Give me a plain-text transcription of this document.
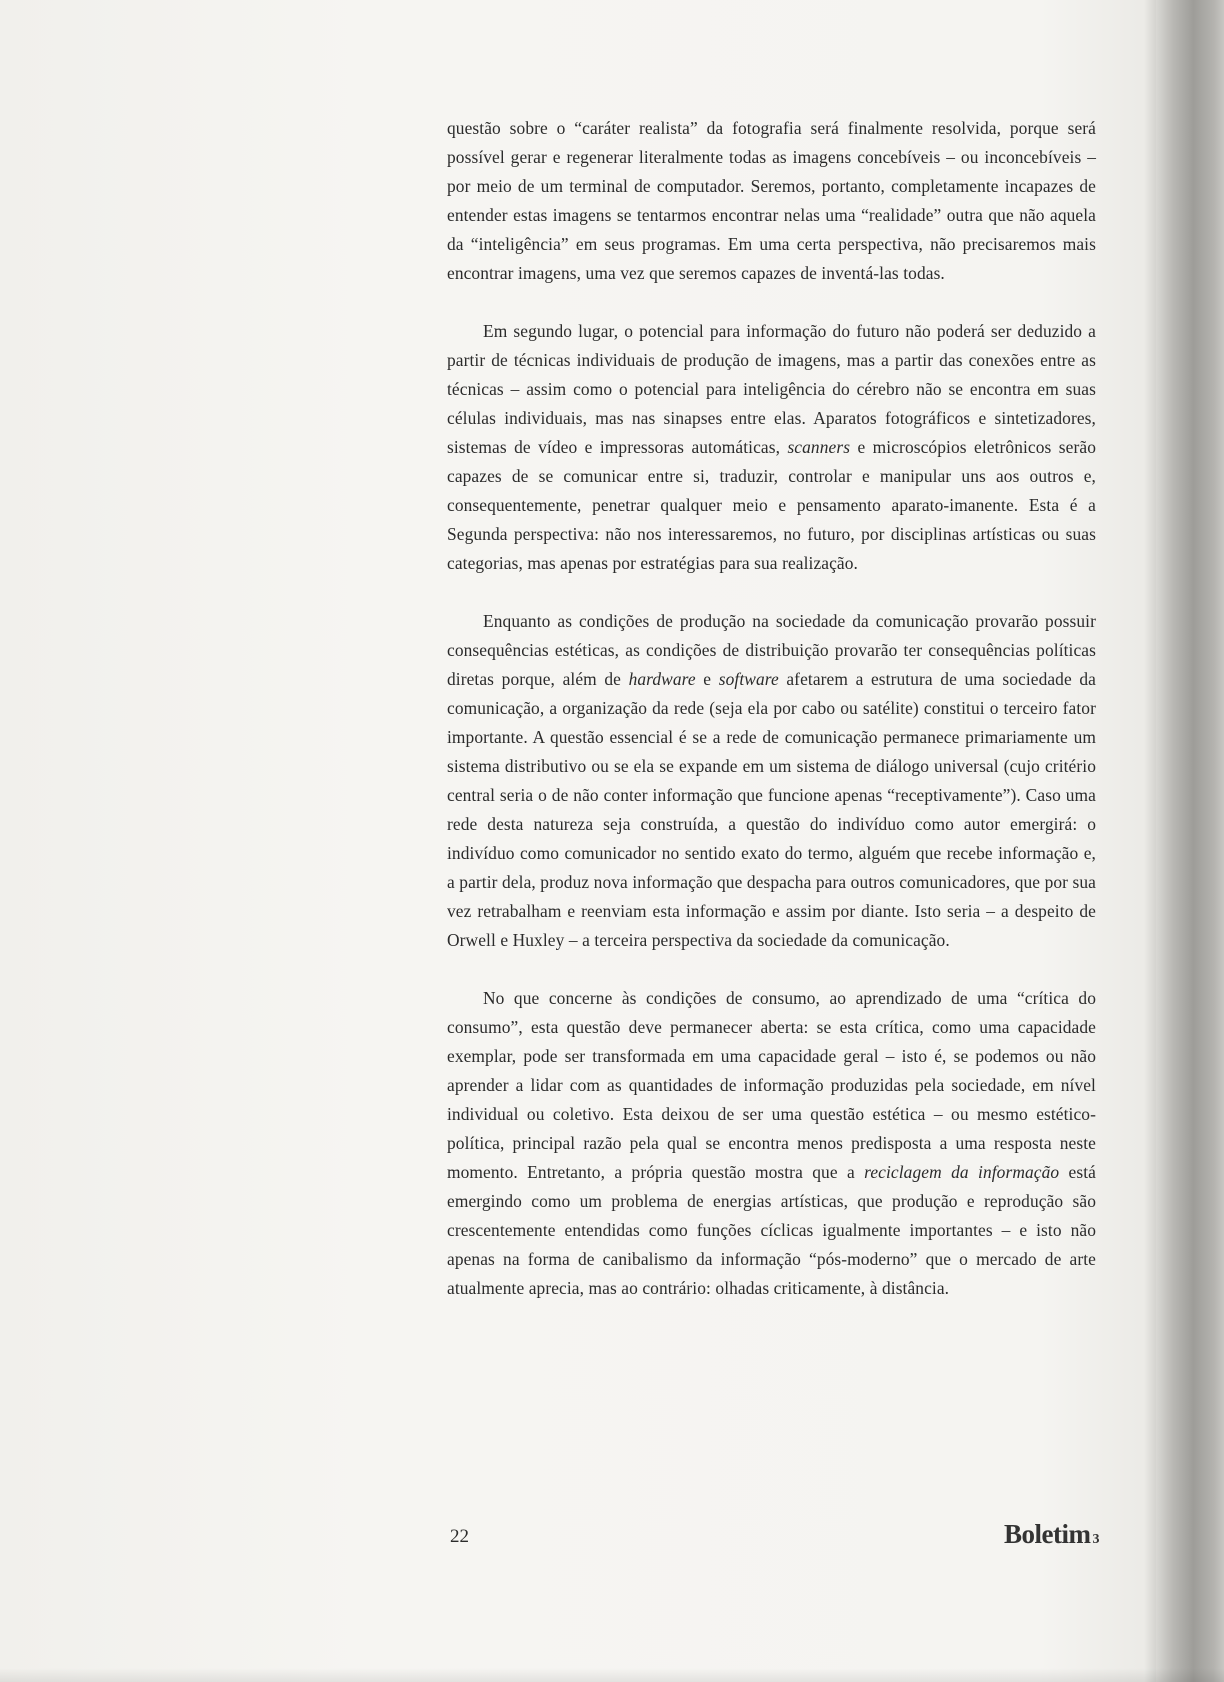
questão sobre o “caráter realista” da fotografia será finalmente resolvida, porque será possível gerar e regenerar literalmente todas as imagens concebíveis – ou inconcebíveis – por meio de um terminal de computador. Seremos, portanto, completamente incapazes de entender estas imagens se tentarmos encontrar nelas uma “realidade” outra que não aquela da “inteligência” em seus programas. Em uma certa perspectiva, não precisaremos mais encontrar imagens, uma vez que seremos capazes de inventá-las todas.

Em segundo lugar, o potencial para informação do futuro não poderá ser deduzido a partir de técnicas individuais de produção de imagens, mas a partir das conexões entre as técnicas – assim como o potencial para inteligência do cérebro não se encontra em suas células individuais, mas nas sinapses entre elas. Aparatos fotográficos e sintetizadores, sistemas de vídeo e impressoras automáticas, scanners e microscópios eletrônicos serão capazes de se comunicar entre si, traduzir, controlar e manipular uns aos outros e, consequentemente, penetrar qualquer meio e pensamento aparato-imanente. Esta é a Segunda perspectiva: não nos interessaremos, no futuro, por disciplinas artísticas ou suas categorias, mas apenas por estratégias para sua realização.

Enquanto as condições de produção na sociedade da comunicação provarão possuir consequências estéticas, as condições de distribuição provarão ter consequências políticas diretas porque, além de hardware e software afetarem a estrutura de uma sociedade da comunicação, a organização da rede (seja ela por cabo ou satélite) constitui o terceiro fator importante. A questão essencial é se a rede de comunicação permanece primariamente um sistema distributivo ou se ela se expande em um sistema de diálogo universal (cujo critério central seria o de não conter informação que funcione apenas “receptivamente”). Caso uma rede desta natureza seja construída, a questão do indivíduo como autor emergirá: o indivíduo como comunicador no sentido exato do termo, alguém que recebe informação e, a partir dela, produz nova informação que despacha para outros comunicadores, que por sua vez retrabalham e reenviam esta informação e assim por diante. Isto seria – a despeito de Orwell e Huxley – a terceira perspectiva da sociedade da comunicação.

No que concerne às condições de consumo, ao aprendizado de uma “crítica do consumo”, esta questão deve permanecer aberta: se esta crítica, como uma capacidade exemplar, pode ser transformada em uma capacidade geral – isto é, se podemos ou não aprender a lidar com as quantidades de informação produzidas pela sociedade, em nível individual ou coletivo. Esta deixou de ser uma questão estética – ou mesmo estético-política, principal razão pela qual se encontra menos predisposta a uma resposta neste momento. Entretanto, a própria questão mostra que a reciclagem da informação está emergindo como um problema de energias artísticas, que produção e reprodução são crescentemente entendidas como funções cíclicas igualmente importantes – e isto não apenas na forma de canibalismo da informação “pós-moderno” que o mercado de arte atualmente aprecia, mas ao contrário: olhadas criticamente, à distância.

22	Boletim 3
